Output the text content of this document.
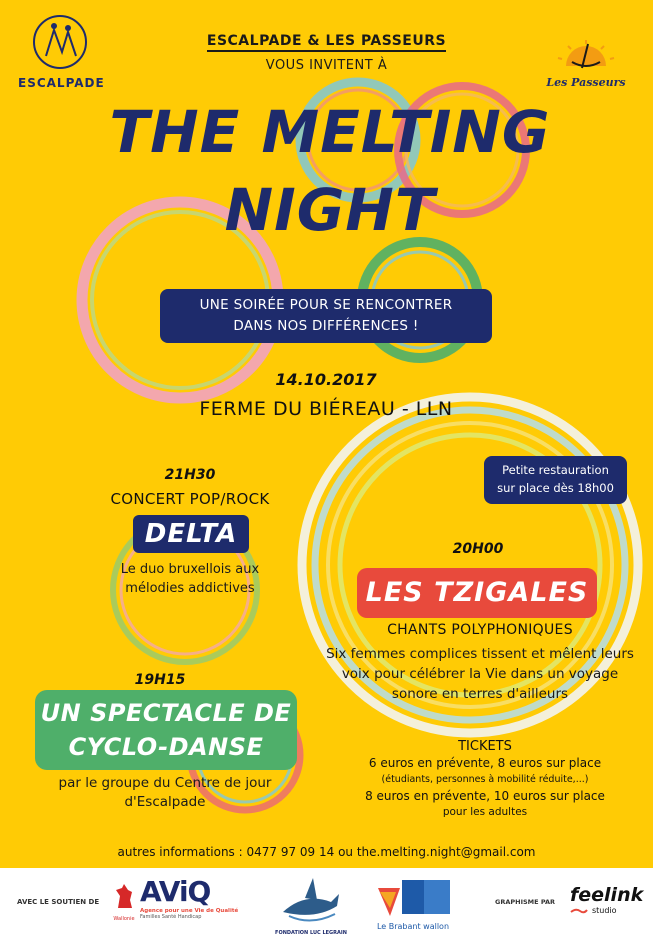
ESCALPADE	Les Passeurs
ESCALPADE & LES PASSEURS
VOUS INVITENT À
THE MELTING
NIGHT
UNE SOIRÉE POUR SE RENCONTRER
DANS NOS DIFFÉRENCES !
14.10.2017
FERME DU BIÉREAU - LLN
Petite restauration
sur place dès 18h00
21H30
CONCERT POP/ROCK
DELTA
Le duo bruxellois aux
mélodies addictives
20H00
LES TZIGALES
CHANTS POLYPHONIQUES
Six femmes complices tissent et mêlent leurs
voix pour célébrer la Vie dans un voyage
sonore en terres d'ailleurs
19H15
UN SPECTACLE DE
CYCLO-DANSE
par le groupe du Centre de jour
d'Escalpade
TICKETS
6 euros en prévente, 8 euros sur place
(étudiants, personnes à mobilité réduite,...)
8 euros en prévente, 10 euros sur place
pour les adultes
autres informations : 0477 97 09 14 ou the.melting.night@gmail.com
AVEC LE SOUTIEN DE
Wallonie
AViQ
Agence pour une Vie de Qualité
Familles Santé Handicap
FONDATION LUC LEGRAIN
Le Brabant wallon
GRAPHISME PAR feelink
studio
